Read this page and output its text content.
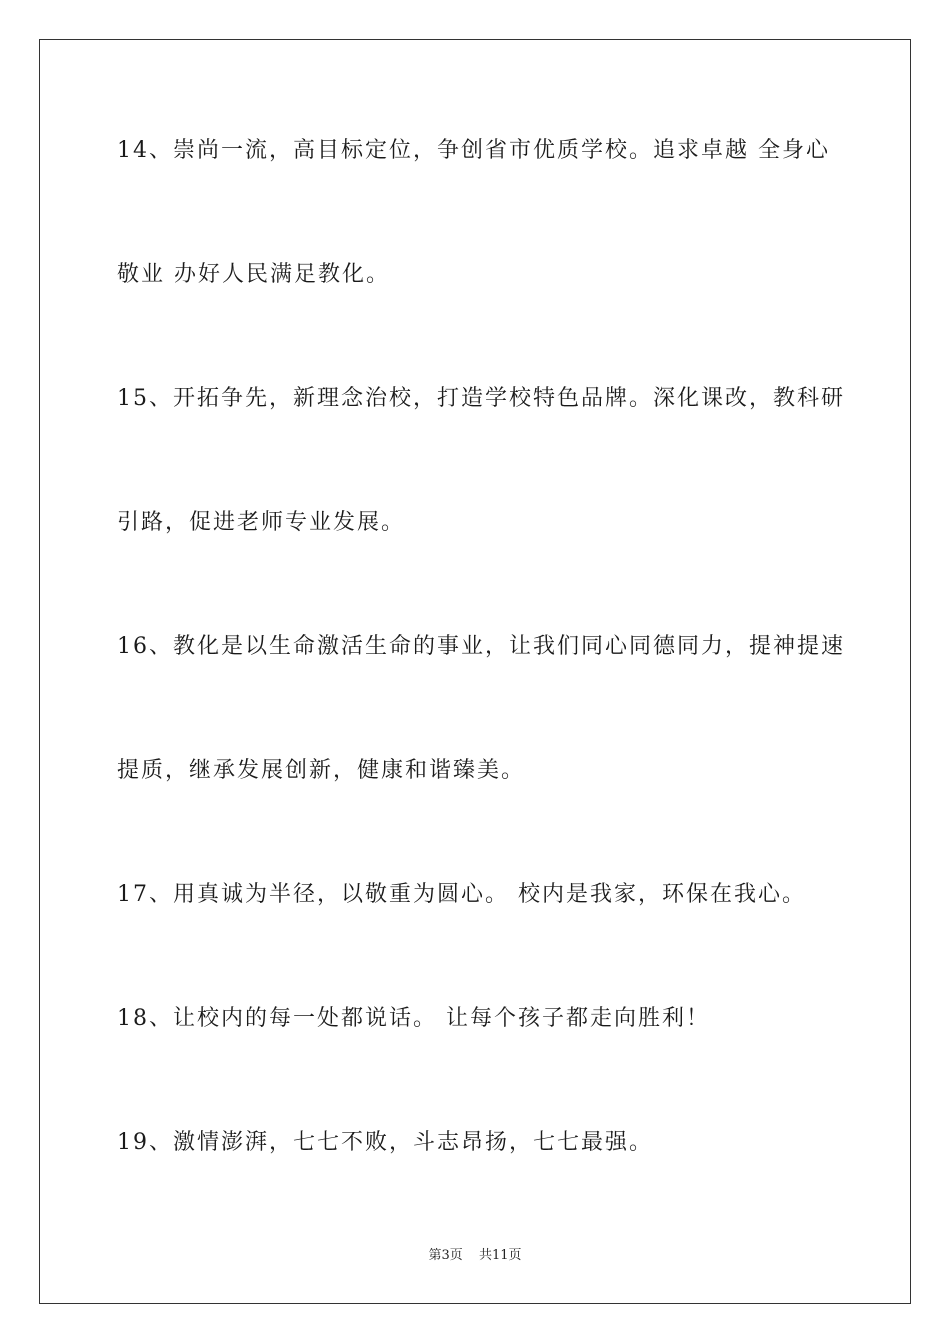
14、崇尚一流，高目标定位，争创省市优质学校。追求卓越 全身心
敬业 办好人民满足教化。
15、开拓争先，新理念治校，打造学校特色品牌。深化课改，教科研
引路，促进老师专业发展。
16、教化是以生命激活生命的事业，让我们同心同德同力，提神提速
提质，继承发展创新，健康和谐臻美。
17、用真诚为半径，以敬重为圆心。 校内是我家，环保在我心。
18、让校内的每一处都说话。 让每个孩子都走向胜利！
19、激情澎湃，七七不败，斗志昂扬，七七最强。
第3页 共11页
